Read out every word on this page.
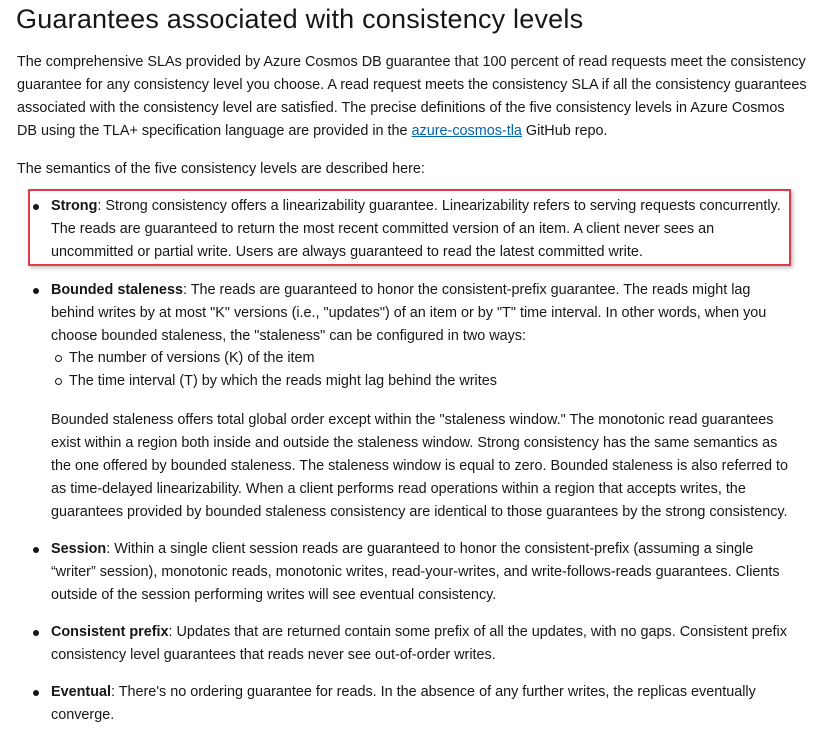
Guarantees associated with consistency levels

The comprehensive SLAs provided by Azure Cosmos DB guarantee that 100 percent of read requests meet the consistency guarantee for any consistency level you choose. A read request meets the consistency SLA if all the consistency guarantees associated with the consistency level are satisfied. The precise definitions of the five consistency levels in Azure Cosmos DB using the TLA+ specification language are provided in the azure-cosmos-tla GitHub repo.

The semantics of the five consistency levels are described here:

Strong: Strong consistency offers a linearizability guarantee. Linearizability refers to serving requests concurrently. The reads are guaranteed to return the most recent committed version of an item. A client never sees an uncommitted or partial write. Users are always guaranteed to read the latest committed write.
Bounded staleness: The reads are guaranteed to honor the consistent-prefix guarantee. The reads might lag behind writes by at most "K" versions (i.e., "updates") of an item or by "T" time interval. In other words, when you choose bounded staleness, the "staleness" can be configured in two ways:
The number of versions (K) of the item
The time interval (T) by which the reads might lag behind the writes

Bounded staleness offers total global order except within the "staleness window." The monotonic read guarantees exist within a region both inside and outside the staleness window. Strong consistency has the same semantics as the one offered by bounded staleness. The staleness window is equal to zero. Bounded staleness is also referred to as time-delayed linearizability. When a client performs read operations within a region that accepts writes, the guarantees provided by bounded staleness consistency are identical to those guarantees by the strong consistency.

Session: Within a single client session reads are guaranteed to honor the consistent-prefix (assuming a single “writer” session), monotonic reads, monotonic writes, read-your-writes, and write-follows-reads guarantees. Clients outside of the session performing writes will see eventual consistency.
Consistent prefix: Updates that are returned contain some prefix of all the updates, with no gaps. Consistent prefix consistency level guarantees that reads never see out-of-order writes.
Eventual: There's no ordering guarantee for reads. In the absence of any further writes, the replicas eventually converge.
